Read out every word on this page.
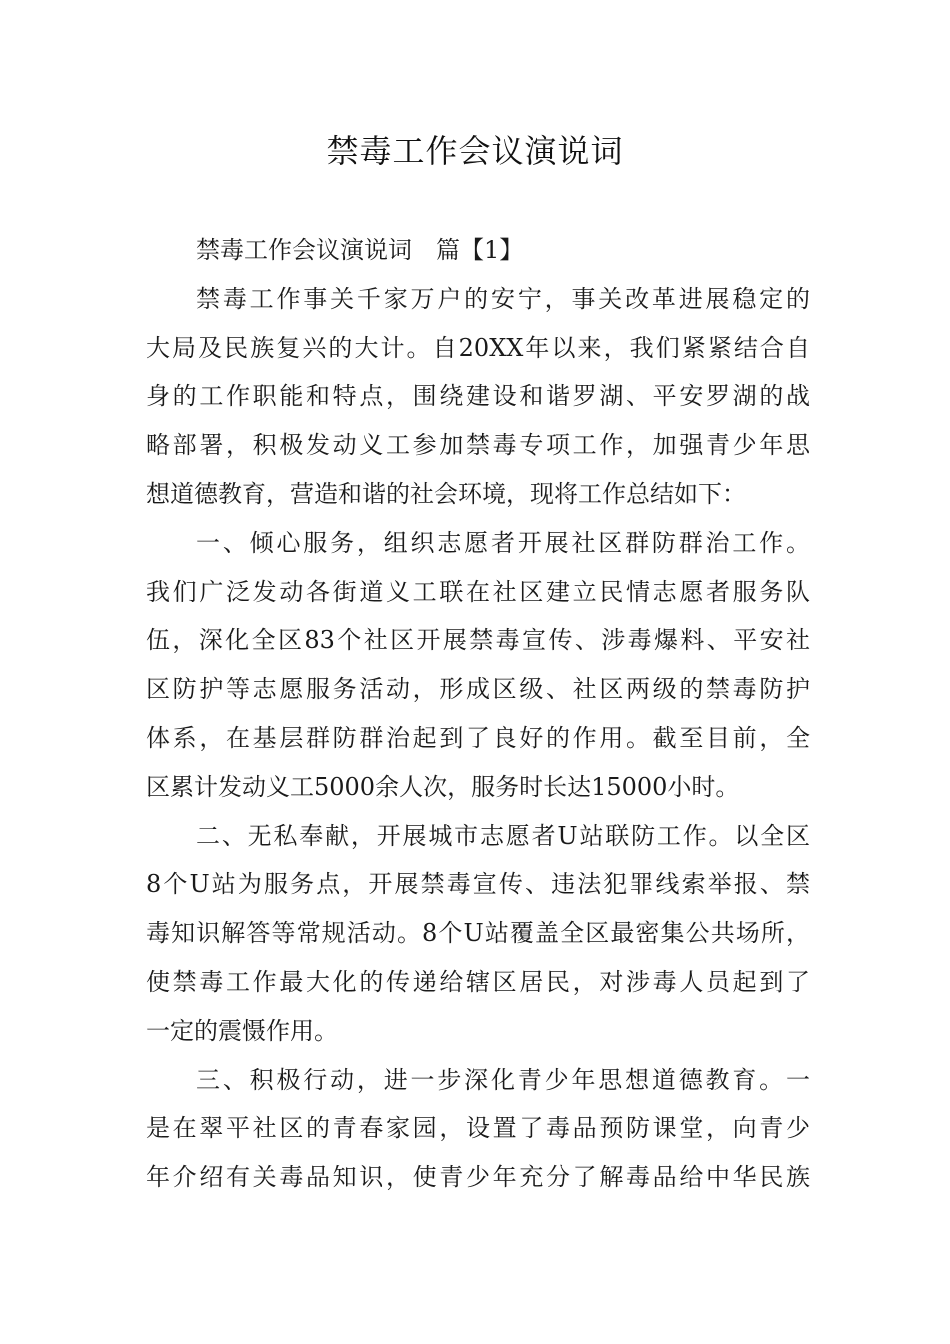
禁毒工作会议演说词

禁毒工作会议演说词　篇【1】

禁毒工作事关千家万户的安宁，事关改革进展稳定的

大局及民族复兴的大计。自20XX年以来，我们紧紧结合自

身的工作职能和特点，围绕建设和谐罗湖、平安罗湖的战

略部署，积极发动义工参加禁毒专项工作，加强青少年思

想道德教育，营造和谐的社会环境，现将工作总结如下：

一、倾心服务，组织志愿者开展社区群防群治工作。

我们广泛发动各街道义工联在社区建立民情志愿者服务队

伍，深化全区83个社区开展禁毒宣传、涉毒爆料、平安社

区防护等志愿服务活动，形成区级、社区两级的禁毒防护

体系，在基层群防群治起到了良好的作用。截至目前，全

区累计发动义工5000余人次，服务时长达15000小时。

二、无私奉献，开展城市志愿者U站联防工作。以全区

8个U站为服务点，开展禁毒宣传、违法犯罪线索举报、禁

毒知识解答等常规活动。8个U站覆盖全区最密集公共场所，

使禁毒工作最大化的传递给辖区居民，对涉毒人员起到了

一定的震慑作用。

三、积极行动，进一步深化青少年思想道德教育。一

是在翠平社区的青春家园，设置了毒品预防课堂，向青少

年介绍有关毒品知识，使青少年充分了解毒品给中华民族
